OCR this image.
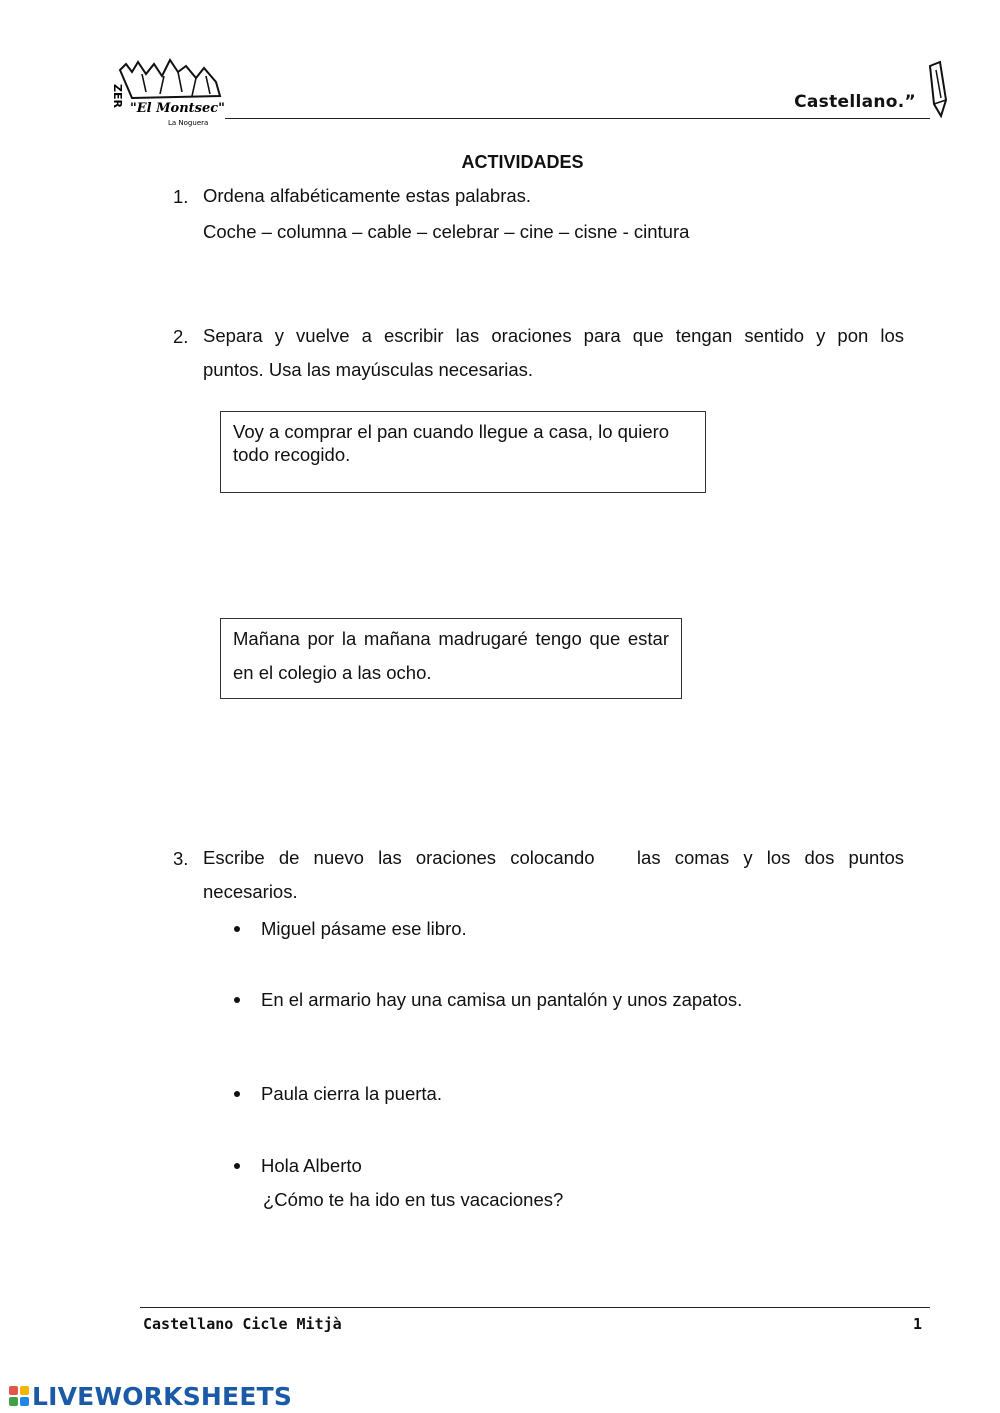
ZER
"El Montsec"
La Noguera
Castellano.”
ACTIVIDADES
1. Ordena alfabéticamente estas palabras.
Coche – columna – cable – celebrar – cine – cisne - cintura
2. Separa y vuelve a escribir las oraciones para que tengan sentido y pon los
puntos. Usa las mayúsculas necesarias.
Voy a comprar el pan cuando llegue a casa, lo quiero todo recogido.
Mañana por la mañana madrugaré tengo que estar en el colegio a las ocho.
3. Escribe de nuevo las oraciones colocando   las comas y los dos puntos
necesarios.
Miguel pásame ese libro.
En el armario hay una camisa un pantalón y unos zapatos.
Paula cierra la puerta.
Hola Alberto
¿Cómo te ha ido en tus vacaciones?
Castellano Cicle Mitjà	1
LIVEWORKSHEETS
